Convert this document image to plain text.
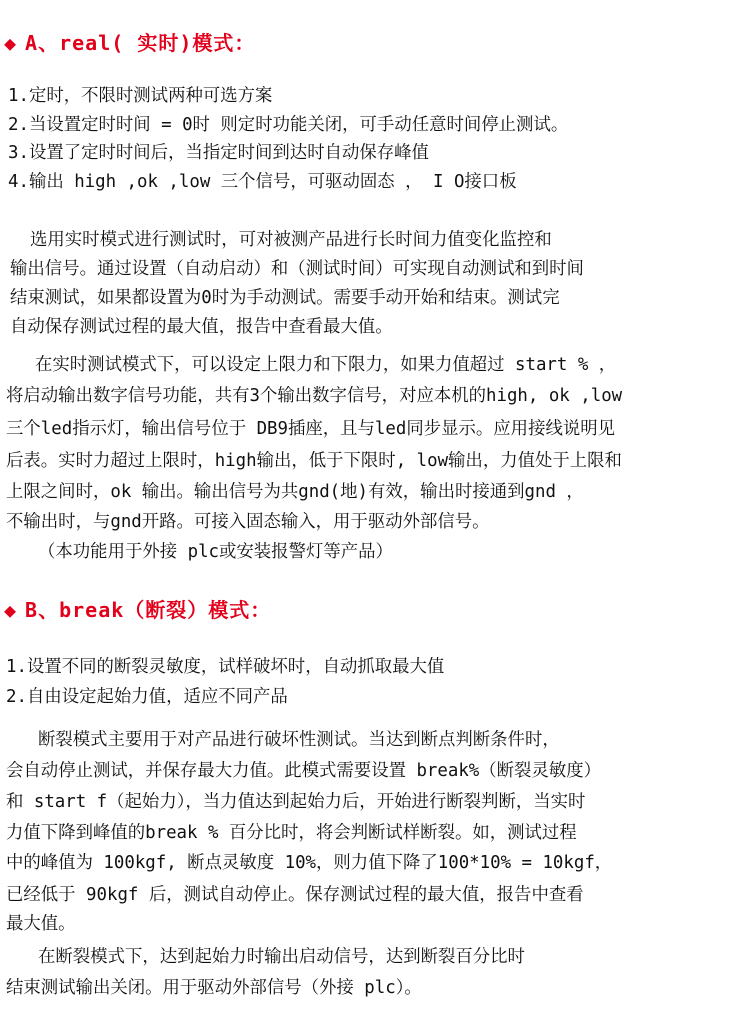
◆ A、real( 实时)模式：
1.定时，不限时测试两种可选方案
2.当设置定时时间 = 0时 则定时功能关闭，可手动任意时间停止测试。
3.设置了定时时间后，当指定时间到达时自动保存峰值
4.输出 high ,ok ,low 三个信号，可驱动固态 ， I O接口板
选用实时模式进行测试时，可对被测产品进行长时间力值变化监控和
输出信号。通过设置（自动启动）和（测试时间）可实现自动测试和到时间
结束测试，如果都设置为0时为手动测试。需要手动开始和结束。测试完
自动保存测试过程的最大值，报告中查看最大值。
在实时测试模式下，可以设定上限力和下限力，如果力值超过 start % ，
将启动输出数字信号功能，共有3个输出数字信号，对应本机的high, ok ,low
三个led指示灯，输出信号位于 DB9插座，且与led同步显示。应用接线说明见
后表。实时力超过上限时，high输出，低于下限时, low输出，力值处于上限和
上限之间时，ok 输出。输出信号为共gnd(地)有效，输出时接通到gnd ，
不输出时，与gnd开路。可接入固态输入，用于驱动外部信号。
（本功能用于外接 plc或安装报警灯等产品）
◆ B、break（断裂）模式：
1.设置不同的断裂灵敏度，试样破坏时，自动抓取最大值
2.自由设定起始力值，适应不同产品
断裂模式主要用于对产品进行破坏性测试。当达到断点判断条件时，
会自动停止测试，并保存最大力值。此模式需要设置 break%（断裂灵敏度）
和 start f（起始力），当力值达到起始力后，开始进行断裂判断，当实时
力值下降到峰值的break % 百分比时，将会判断试样断裂。如，测试过程
中的峰值为 100kgf, 断点灵敏度 10%，则力值下降了100*10% = 10kgf，
已经低于 90kgf 后，测试自动停止。保存测试过程的最大值，报告中查看
最大值。
在断裂模式下，达到起始力时输出启动信号，达到断裂百分比时
结束测试输出关闭。用于驱动外部信号（外接 plc）。
